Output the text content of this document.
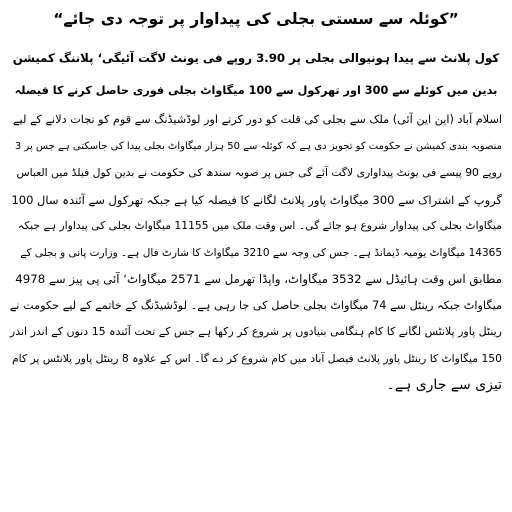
”کوئلہ سے سستی بجلی کی پیداوار پر توجہ دی جائے“

کول پلانٹ سے پیدا ہونیوالی بجلی پر 3.90 روپے فی یونٹ لاگت آئیگی‘ پلاننگ کمیشن

بدین میں کوئلے سے 300 اور تھرکول سے 100 میگاواٹ بجلی فوری حاصل کرنے کا فیصلہ

اسلام آباد (این این آئی) ملک سے بجلی کی قلت کو دور کرنے اور لوڈشیڈنگ سے قوم کو نجات دلانے کے لیے

منصوبہ بندی کمیشن نے حکومت کو تجویز دی ہے کہ کوئلہ سے 50 ہزار میگاواٹ بجلی پیدا کی جاسکتی ہے جس پر 3

روپے 90 پیسے فی یونٹ پیداواری لاگت آئے گی جس پر صوبہ سندھ کی حکومت نے بدین کول فیلڈ میں العباس

گروپ کے اشتراک سے 300 میگاواٹ پاور پلانٹ لگانے کا فیصلہ کیا ہے جبکہ تھرکول سے آئندہ سال 100

میگاواٹ بجلی کی پیداوار شروع ہو جائے گی۔ اس وقت ملک میں 11155 میگاواٹ بجلی کی پیداوار ہے جبکہ

14365 میگاواٹ یومیہ ڈیمانڈ ہے۔ جس کی وجہ سے 3210 میگاواٹ کا شارٹ فال ہے۔ وزارت پانی و بجلی کے

مطابق اس وقت ہائیڈل سے 3532 میگاواٹ، واپڈا تھرمل سے 2571 میگاواٹ‘ آئی پی پیز سے 4978

میگاواٹ جبکہ رینٹل سے 74 میگاواٹ بجلی حاصل کی جا رہی ہے۔ لوڈشیڈنگ کے خاتمے کے لیے حکومت نے

رینٹل پاور پلانٹس لگانے کا کام ہنگامی بنیادوں پر شروع کر رکھا ہے جس کے تحت آئندہ 15 دنوں کے اندر اندر

150 میگاواٹ کا رینٹل پاور پلانٹ فیصل آباد میں کام شروع کر دے گا۔ اس کے علاوہ 8 رینٹل پاور پلانٹس پر کام

تیزی سے جاری ہے۔
